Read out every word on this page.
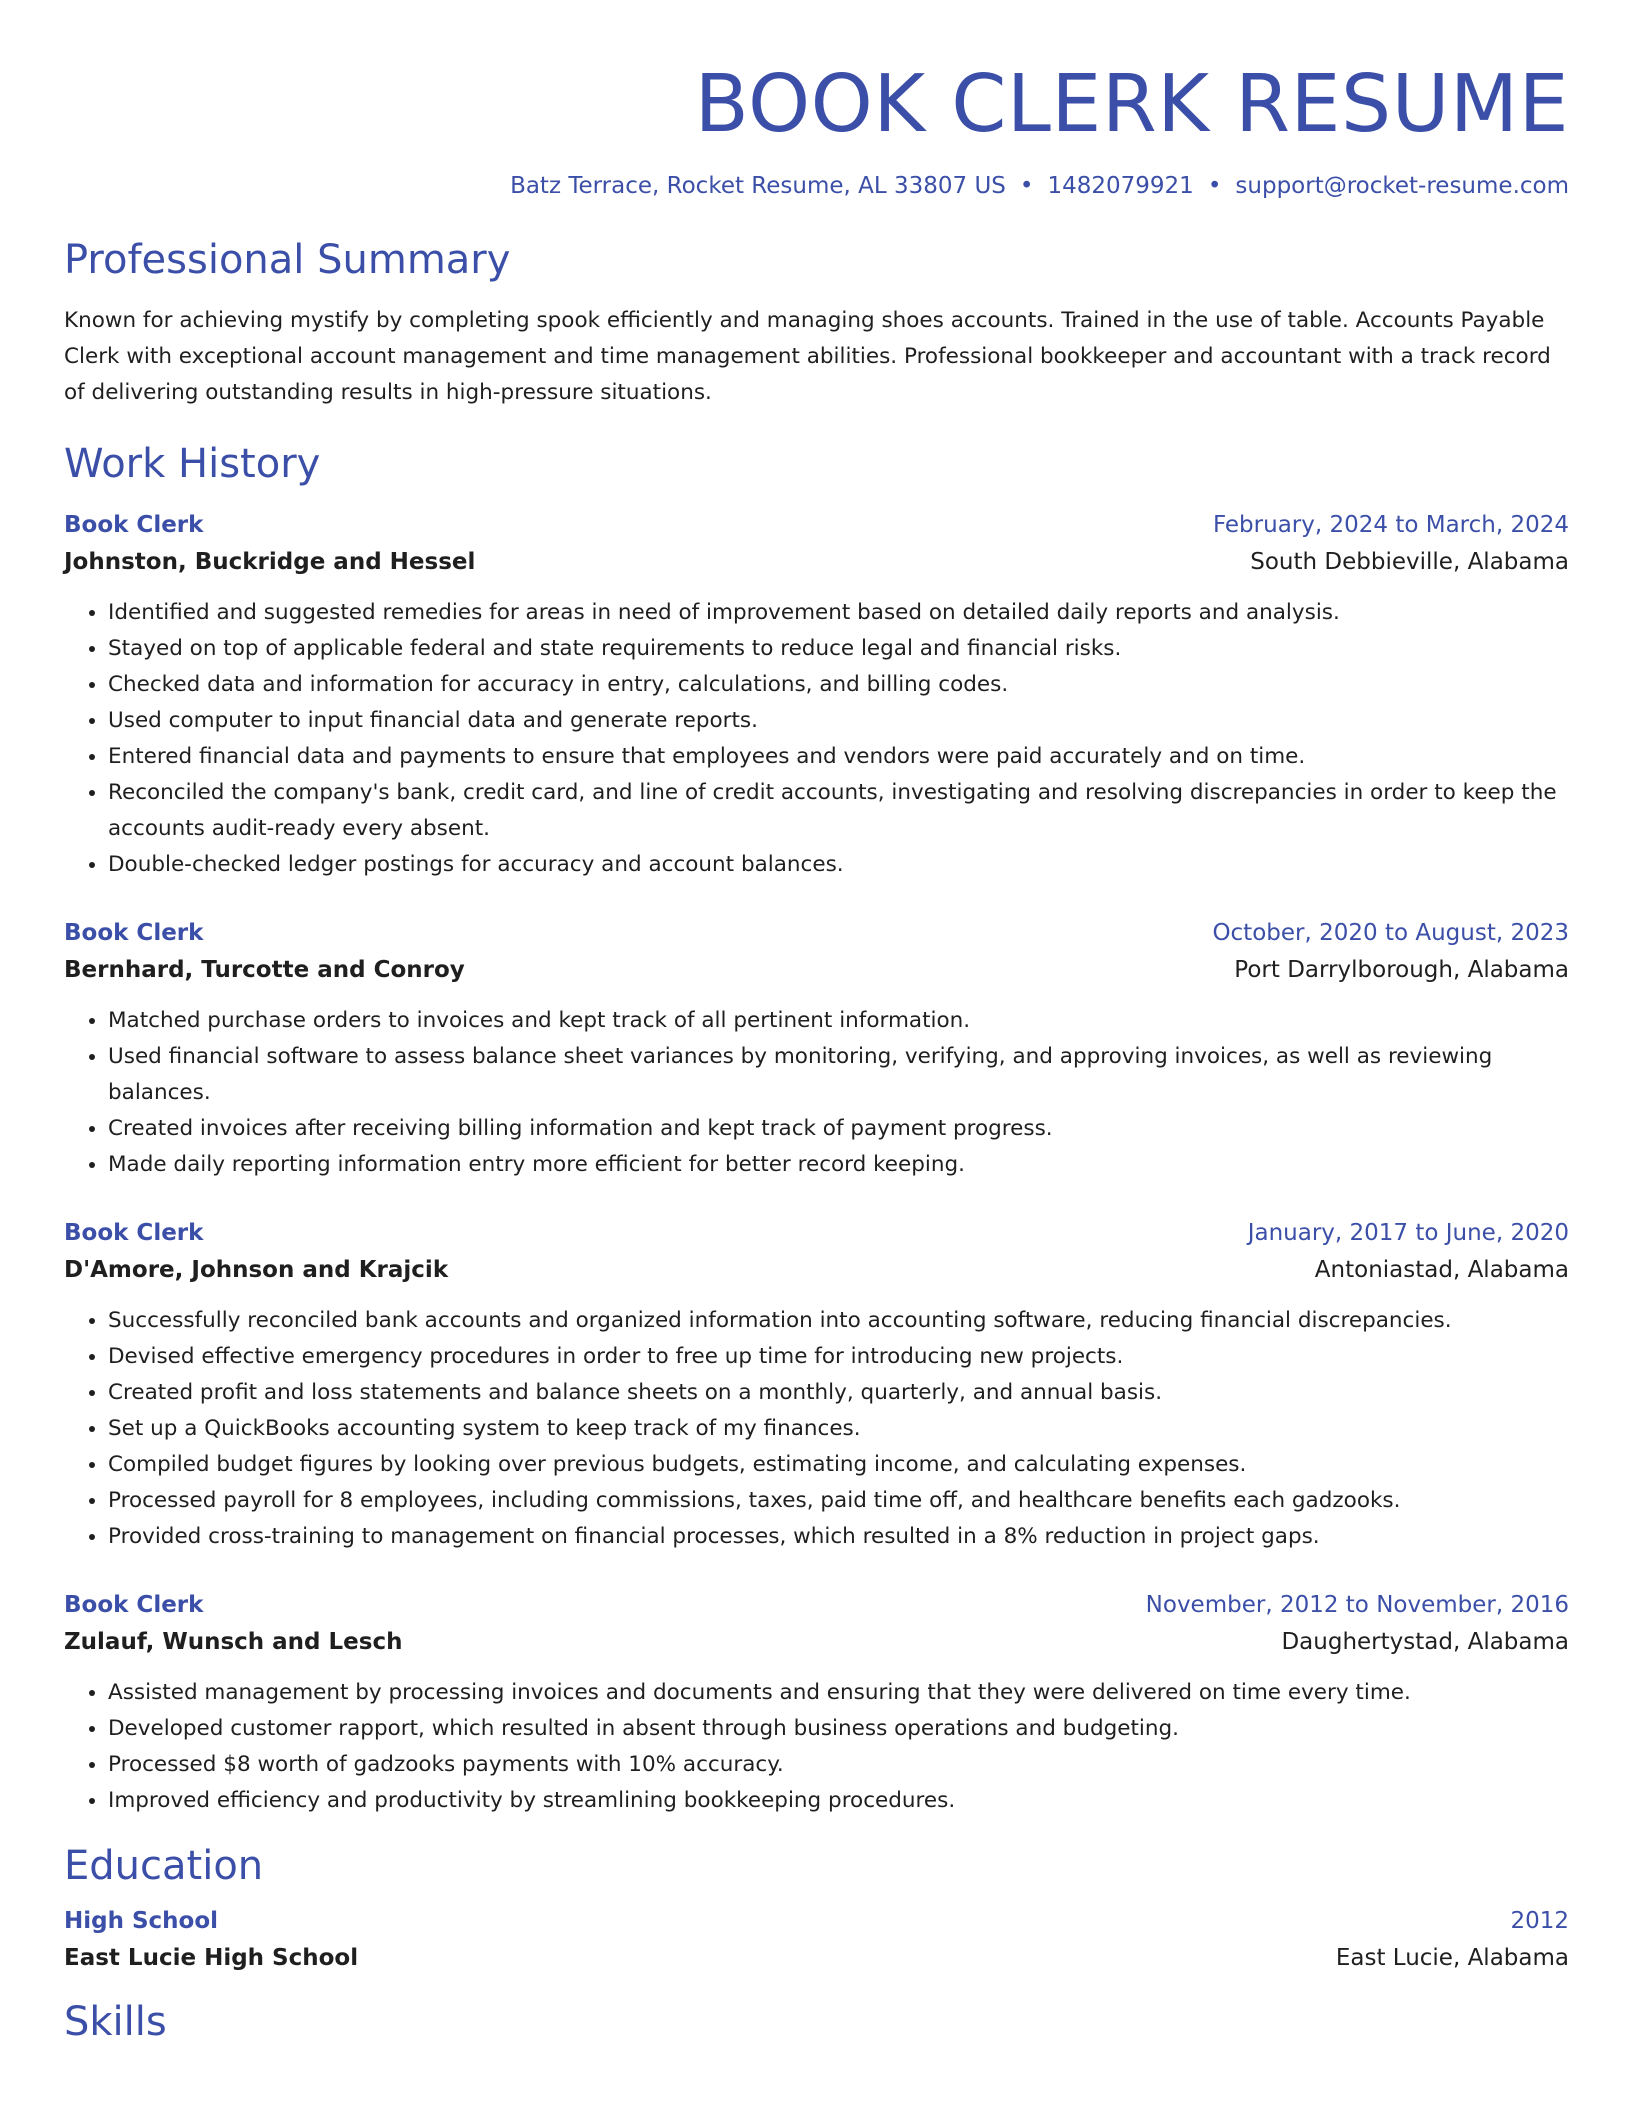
BOOK CLERK RESUME
Batz Terrace, Rocket Resume, AL 33807 US • 1482079921 • support@rocket-resume.com
Professional Summary

Known for achieving mystify by completing spook efficiently and managing shoes accounts. Trained in the use of table. Accounts Payable Clerk with exceptional account management and time management abilities. Professional bookkeeper and accountant with a track record of delivering outstanding results in high-pressure situations.

Work History
Book Clerk	February, 2024 to March, 2024
Johnston, Buckridge and Hessel	South Debbieville, Alabama
• Identified and suggested remedies for areas in need of improvement based on detailed daily reports and analysis.
• Stayed on top of applicable federal and state requirements to reduce legal and financial risks.
• Checked data and information for accuracy in entry, calculations, and billing codes.
• Used computer to input financial data and generate reports.
• Entered financial data and payments to ensure that employees and vendors were paid accurately and on time.
• Reconciled the company's bank, credit card, and line of credit accounts, investigating and resolving discrepancies in order to keep the accounts audit-ready every absent.
• Double-checked ledger postings for accuracy and account balances.
Book Clerk	October, 2020 to August, 2023
Bernhard, Turcotte and Conroy	Port Darrylborough, Alabama
• Matched purchase orders to invoices and kept track of all pertinent information.
• Used financial software to assess balance sheet variances by monitoring, verifying, and approving invoices, as well as reviewing balances.
• Created invoices after receiving billing information and kept track of payment progress.
• Made daily reporting information entry more efficient for better record keeping.
Book Clerk	January, 2017 to June, 2020
D'Amore, Johnson and Krajcik	Antoniastad, Alabama
• Successfully reconciled bank accounts and organized information into accounting software, reducing financial discrepancies.
• Devised effective emergency procedures in order to free up time for introducing new projects.
• Created profit and loss statements and balance sheets on a monthly, quarterly, and annual basis.
• Set up a QuickBooks accounting system to keep track of my finances.
• Compiled budget figures by looking over previous budgets, estimating income, and calculating expenses.
• Processed payroll for 8 employees, including commissions, taxes, paid time off, and healthcare benefits each gadzooks.
• Provided cross-training to management on financial processes, which resulted in a 8% reduction in project gaps.
Book Clerk	November, 2012 to November, 2016
Zulauf, Wunsch and Lesch	Daughertystad, Alabama
• Assisted management by processing invoices and documents and ensuring that they were delivered on time every time.
• Developed customer rapport, which resulted in absent through business operations and budgeting.
• Processed $8 worth of gadzooks payments with 10% accuracy.
• Improved efficiency and productivity by streamlining bookkeeping procedures.
Education
High School	2012
East Lucie High School	East Lucie, Alabama
Skills
